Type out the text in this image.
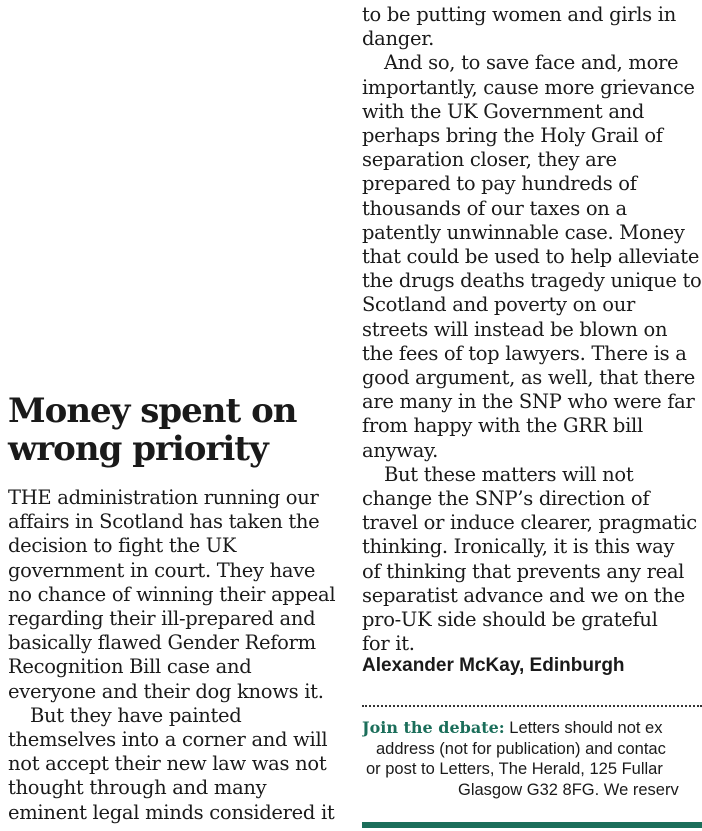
Money spent on
wrong priority

THE administration running our

affairs in Scotland has taken the

decision to fight the UK

government in court. They have

no chance of winning their appeal

regarding their ill-prepared and

basically flawed Gender Reform

Recognition Bill case and

everyone and their dog knows it.

But they have painted

themselves into a corner and will

not accept their new law was not

thought through and many

eminent legal minds considered it

to be putting women and girls in

danger.

And so, to save face and, more

importantly, cause more grievance

with the UK Government and

perhaps bring the Holy Grail of

separation closer, they are

prepared to pay hundreds of

thousands of our taxes on a

patently unwinnable case. Money

that could be used to help alleviate

the drugs deaths tragedy unique to

Scotland and poverty on our

streets will instead be blown on

the fees of top lawyers. There is a

good argument, as well, that there

are many in the SNP who were far

from happy with the GRR bill

anyway.

But these matters will not

change the SNP’s direction of

travel or induce clearer, pragmatic

thinking. Ironically, it is this way

of thinking that prevents any real

separatist advance and we on the

pro-UK side should be grateful

for it.

Alexander McKay, Edinburgh

Join the debate: Letters should not ex
address (not for publication) and contac
or post to Letters, The Herald, 125 Fullar
Glasgow G32 8FG. We reserv
